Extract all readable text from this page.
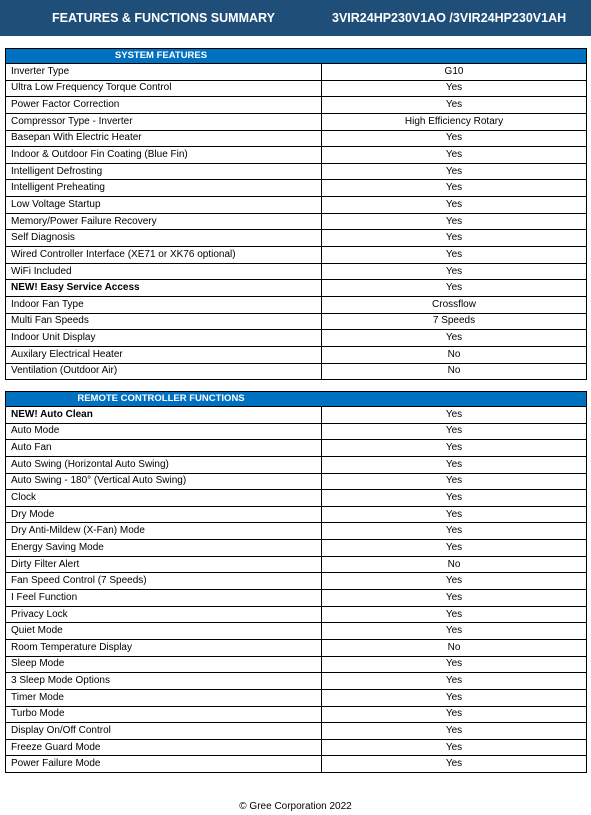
FEATURES & FUNCTIONS SUMMARY	3VIR24HP230V1AO /3VIR24HP230V1AH
SYSTEM FEATURES
Inverter Type	G10
Ultra Low Frequency Torque Control	Yes
Power Factor Correction	Yes
Compressor Type - Inverter	High Efficiency Rotary
Basepan With Electric Heater	Yes
Indoor & Outdoor Fin Coating (Blue Fin)	Yes
Intelligent Defrosting	Yes
Intelligent Preheating	Yes
Low Voltage Startup	Yes
Memory/Power Failure Recovery	Yes
Self Diagnosis	Yes
Wired Controller Interface (XE71 or XK76 optional)	Yes
WiFi Included	Yes
NEW! Easy Service Access	Yes
Indoor Fan Type	Crossflow
Multi Fan Speeds	7 Speeds
Indoor Unit Display	Yes
Auxilary Electrical Heater	No
Ventilation (Outdoor Air)	No
REMOTE CONTROLLER FUNCTIONS
NEW! Auto Clean	Yes
Auto Mode	Yes
Auto Fan	Yes
Auto Swing (Horizontal Auto Swing)	Yes
Auto Swing - 180° (Vertical Auto Swing)	Yes
Clock	Yes
Dry Mode	Yes
Dry Anti-Mildew (X-Fan) Mode	Yes
Energy Saving Mode	Yes
Dirty Filter Alert	No
Fan Speed Control (7 Speeds)	Yes
I Feel Function	Yes
Privacy Lock	Yes
Quiet Mode	Yes
Room Temperature Display	No
Sleep Mode	Yes
3 Sleep Mode Options	Yes
Timer Mode	Yes
Turbo Mode	Yes
Display On/Off Control	Yes
Freeze Guard Mode	Yes
Power Failure Mode	Yes
© Gree Corporation 2022
